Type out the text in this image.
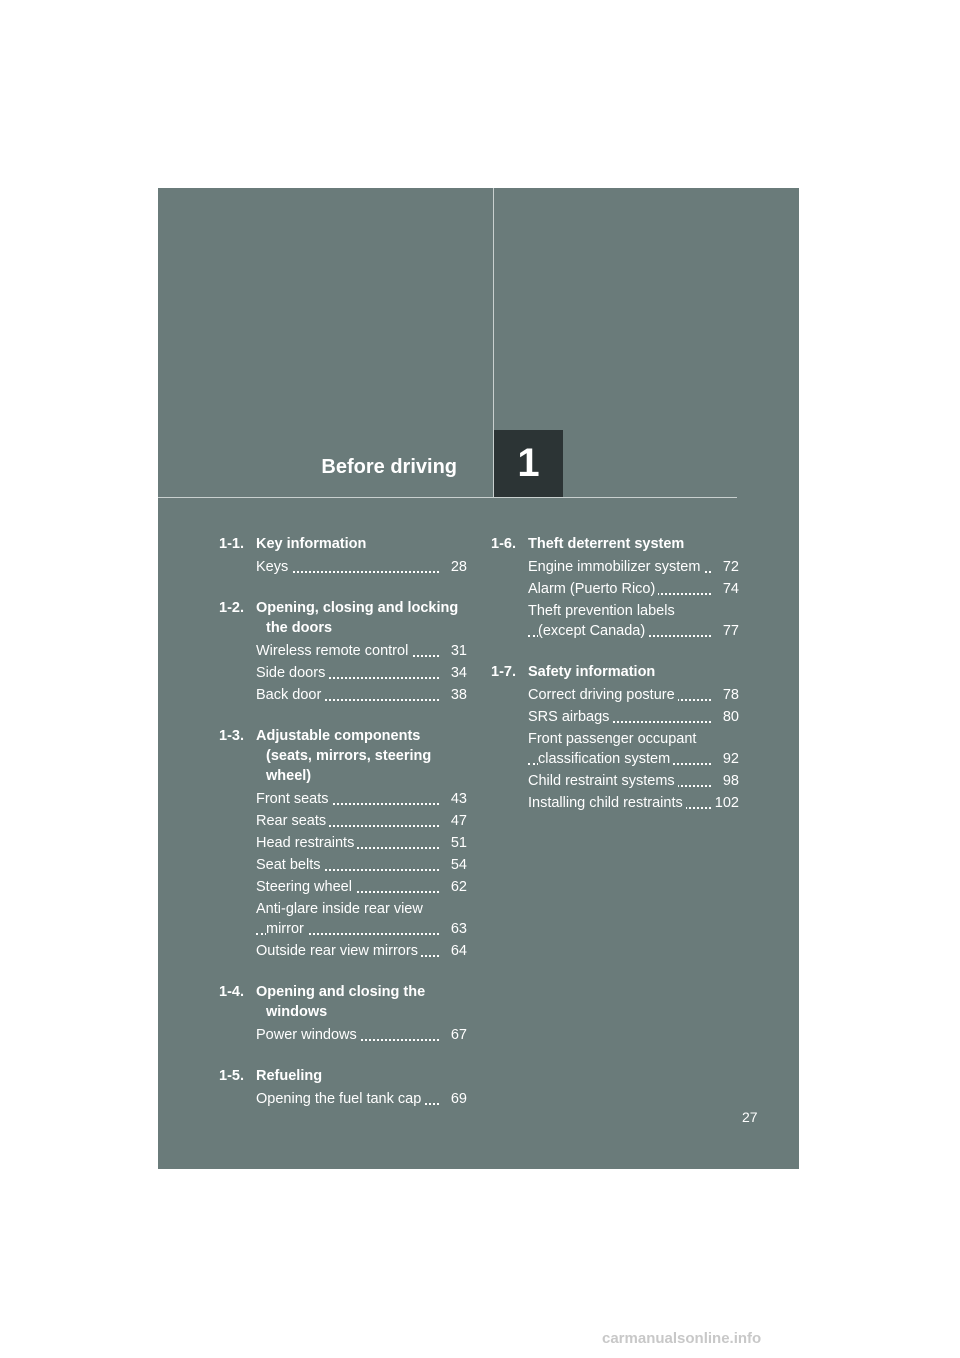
Before driving 1
1-1. Key information
Keys	28
1-2. Opening, closing and locking the doors
Wireless remote control	31
Side doors	34
Back door	38
1-3. Adjustable components (seats, mirrors, steering wheel)
Front seats	43
Rear seats	47
Head restraints	51
Seat belts	54
Steering wheel	62
Anti-glare inside rear view mirror	63
Outside rear view mirrors	64
1-4. Opening and closing the windows
Power windows	67
1-5. Refueling
Opening the fuel tank cap	69
1-6. Theft deterrent system
Engine immobilizer system	72
Alarm (Puerto Rico)	74
Theft prevention labels (except Canada)	77
1-7. Safety information
Correct driving posture	78
SRS airbags	80
Front passenger occupant classification system	92
Child restraint systems	98
Installing child restraints	102
27
carmanualsonline.info
